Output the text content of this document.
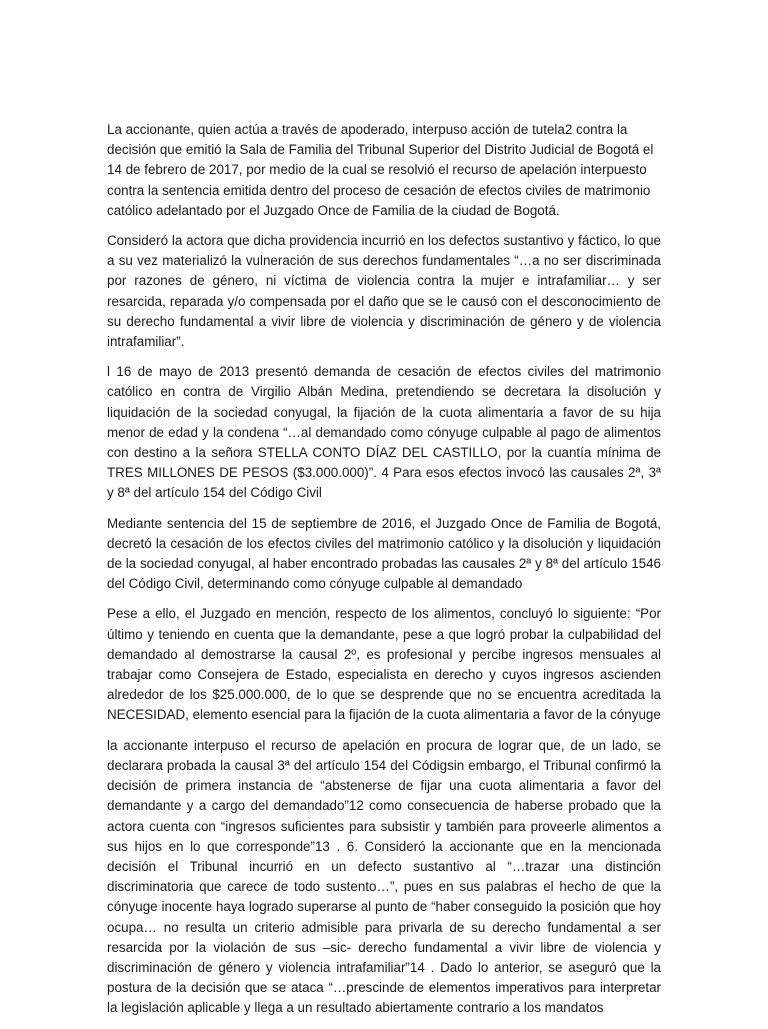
La accionante, quien actúa a través de apoderado, interpuso acción de tutela2 contra la decisión que emitió la Sala de Familia del Tribunal Superior del Distrito Judicial de Bogotá el 14 de febrero de 2017, por medio de la cual se resolvió el recurso de apelación interpuesto contra la sentencia emitida dentro del proceso de cesación de efectos civiles de matrimonio católico adelantado por el Juzgado Once de Familia de la ciudad de Bogotá.

Consideró la actora que dicha providencia incurrió en los defectos sustantivo y fáctico, lo que a su vez materializó la vulneración de sus derechos fundamentales “…a no ser discriminada por razones de género, ni víctima de violencia contra la mujer e intrafamiliar… y ser resarcida, reparada y/o compensada por el daño que se le causó con el desconocimiento de su derecho fundamental a vivir libre de violencia y discriminación de género y de violencia intrafamiliar”.

l 16 de mayo de 2013 presentó demanda de cesación de efectos civiles del matrimonio católico en contra de Virgilio Albán Medina, pretendiendo se decretara la disolución y liquidación de la sociedad conyugal, la fijación de la cuota alimentaria a favor de su hija menor de edad y la condena “…al demandado como cónyuge culpable al pago de alimentos con destino a la señora STELLA CONTO DÍAZ DEL CASTILLO, por la cuantía mínima de TRES MILLONES DE PESOS ($3.000.000)”. 4 Para esos efectos invocó las causales 2ª, 3ª y 8ª del artículo 154 del Código Civil

Mediante sentencia del 15 de septiembre de 2016, el Juzgado Once de Familia de Bogotá, decretó la cesación de los efectos civiles del matrimonio católico y la disolución y liquidación de la sociedad conyugal, al haber encontrado probadas las causales 2ª y 8ª del artículo 1546 del Código Civil, determinando como cónyuge culpable al demandado

Pese a ello, el Juzgado en mención, respecto de los alimentos, concluyó lo siguiente: “Por último y teniendo en cuenta que la demandante, pese a que logró probar la culpabilidad del demandado al demostrarse la causal 2º, es profesional y percibe ingresos mensuales al trabajar como Consejera de Estado, especialista en derecho y cuyos ingresos ascienden alrededor de los $25.000.000, de lo que se desprende que no se encuentra acreditada la NECESIDAD, elemento esencial para la fijación de la cuota alimentaria a favor de la cónyuge

la accionante interpuso el recurso de apelación en procura de lograr que, de un lado, se declarara probada la causal 3ª del artículo 154 del Códigsin embargo, el Tribunal confirmó la decisión de primera instancia de “abstenerse de fijar una cuota alimentaria a favor del demandante y a cargo del demandado”12 como consecuencia de haberse probado que la actora cuenta con “ingresos suficientes para subsistir y también para proveerle alimentos a sus hijos en lo que corresponde”13 . 6. Consideró la accionante que en la mencionada decisión el Tribunal incurrió en un defecto sustantivo al “…trazar una distinción discriminatoria que carece de todo sustento…”, pues en sus palabras el hecho de que la cónyuge inocente haya logrado superarse al punto de “haber conseguido la posición que hoy ocupa… no resulta un criterio admisible para privarla de su derecho fundamental a ser resarcida por la violación de sus –sic- derecho fundamental a vivir libre de violencia y discriminación de género y violencia intrafamiliar”14 . Dado lo anterior, se aseguró que la postura de la decisión que se ataca “…prescinde de elementos imperativos para interpretar la legislación aplicable y llega a un resultado abiertamente contrario a los mandatos
